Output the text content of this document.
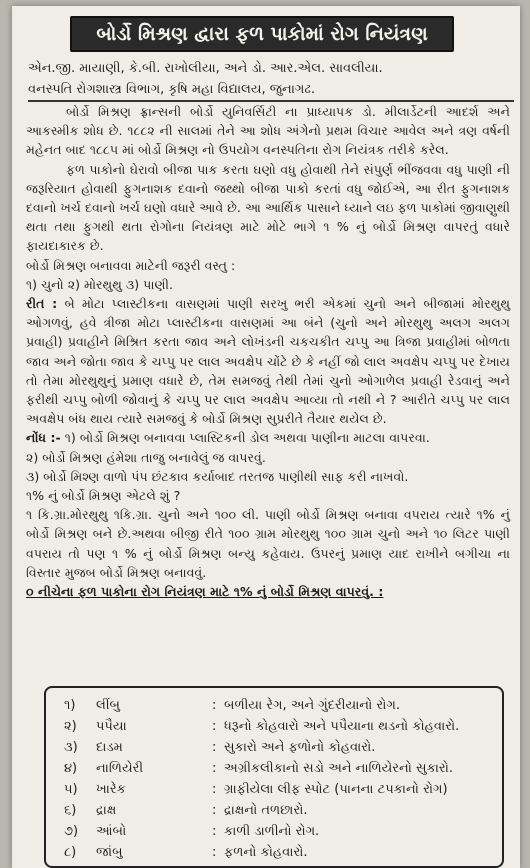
બોર્ડો મિશ્રણ દ્વારા ફળ પાકોમાં રોગ નિયંત્રણ
એન.જી. માયાણી, કે.બી. રાખોલીયા, અને ડો. આર.એલ. સાવલીયા.
વનસ્પતિ રોગશાસ્ત્ર વિભાગ, કૃષિ મહા વિદ્યાલય, જુનાગઢ.

બોર્ડો મિશ્રણ ફ્રાન્સની બોર્ડો યુનિવર્સિટી ના પ્રાધ્યાપક ડો. મીલાર્ડેટની આદર્શ અને આકસ્મીક શોધ છે. ૧૮૮૨ ની સાલમાં તેને આ શોધ અંગેનો પ્રથમ વિચાર આવેલ અને ત્રણ વર્ષની મહેનત બાદ ૧૮૮૫ માં બોર્ડો મિશ્રણ નો ઉપયોગ વનસ્પતિના રોગ નિયંત્રક તરીકે કરેલ.

ફળ પાકોનો ઘેરાવો બીજા પાક કરતા ઘણો વધુ હોવાથી તેને સંપુર્ણ ભીંજવવા વધુ પાણી ની જરૂરિયાત હોવાથી ફુગનાશક દવાનો જથ્થો બીજા પાકો કરતાં વધુ જોઈએ, આ રીત ફુગનાશક દવાનો ખર્ચ દવાનો ખર્ચ ઘણો વધારે આવે છે. આ આર્થિક પાસાને ધ્યાને લઇ ફળ પાકોમાં જીવાણુથી થતા તથા ફુગથી થતા રોગોના નિયંત્રણ માટે મોટે ભાગે ૧ % નું બોર્ડો મિશ્રણ વાપરતું વધારે ફાયદાકારક છે.

બોર્ડો મિશ્રણ બનાવવા માટેની જરૂરી વસ્તુ :

૧) ચુનો ૨) મોરથુથુ ૩) પાણી.

રીત : બે મોટા પ્લાસ્ટીકના વાસણમાં પાણી સરખુ ભરી એકમાં ચુનો અને બીજામાં મોરથુથુ ઓગળવું, હવે ત્રીજા મોટા પ્લાસ્ટીકના વાસણમાં આ બંને (ચુનો અને મોરથુથુ અલગ અલગ પ્રવાહી) પ્રવાહીને મિશ્રિત કરતા જાવ અને લોખંડની ચકચકીત ચપ્પુ આ ત્રિજા પ્રવાહીમાં બોળતા જાવ અને જોતા જાવ કે ચપ્પુ પર લાલ અવક્ષેપ ચોંટે છે કે નહીં જો લાલ અવક્ષેપ ચપ્પુ પર દેખાય તો તેમા મોરથુથુનું પ્રમાણ વધારે છે, તેમ સમજવું તેથી તેમાં ચુનો ઓગાળેલ પ્રવાહી રેડવાનું અને ફરીથી ચપ્પુ બોળી જોવાનું કે ચપ્પુ પર લાલ અવક્ષેપ આવ્યા તો નથી ને ? આરીતે ચપ્પુ પર લાલ અવક્ષેપ બંધ થાય ત્યારે સમજવું કે બોર્ડો મિશ્રણ સુપ્રરીતે તૈયાર થયેલ છે.

નોંધ :- ૧) બોર્ડો મિશ્રણ બનાવવા પ્લાસ્ટિકની ડોલ અથવા પાણીના માટલા વાપરવા.

૨) બોર્ડો મિશ્રણ હંમેશા તાજુ બનાવેલું જ વાપરવું.

૩) બોર્ડો મિશ્ણ વાળો પંપ છંટકાવ કર્યાબાદ તરતજ પાણીથી સાફ કરી નાખવો.

૧% નું બોર્ડો મિશ્રણ એટલે શું ?

૧ કિ.ગ્રા.મોરથુથુ ૧કિ.ગ્રા. ચુનો અને ૧૦૦ લી. પાણી બોર્ડો મિશ્રણ બનાવા વપરાય ત્યારે ૧% નું બોર્ડો મિશ્રણ બને છે.અથવા બીજી રીતે ૧૦૦ ગ્રામ મોરથુથુ ૧૦૦ ગ્રામ ચુનો અને ૧૦ લિટર પાણી વપરાય તો પણ ૧ % નું બોર્ડો મિશ્રણ બન્યુ કહેવાય. ઉપરનું પ્રમાણ યાદ રાખીને બગીચા ના વિસ્તાર મુજબ બોર્ડો મિશ્રણ બનાવવું.

૦ નીચેના ફળ પાકોના રોગ નિયંત્રણ માટે ૧% નું બોર્ડો મિશ્રણ વાપરવું. :

૧)	લીંબુ	: બળીયા રેગ, અને ગુંદરીયાનો રોગ.
૨)	પપૈયા	: ધરૂનો કોહવારો અને પપૈયાના થડનો કોહવારો.
૩)	દાડમ	: સુકારો અને ફળોનો કોહવારો.
૪)	નાળિયેરી	: અગ્રીકલીકાનો સડો અને નાળિયેરનો સુકારો.
૫)	ખારેક	: ગ્રાફીયેલા લીફ સ્પોટ (પાનના ટપકાનો રોગ)
૬)	દ્રાક્ષ	: દ્રાક્ષનો તળછારો.
૭)	આંબો	: કાળી ડાળીનો રોગ.
૮)	જાંબુ	: ફળનો કોહવારો.
